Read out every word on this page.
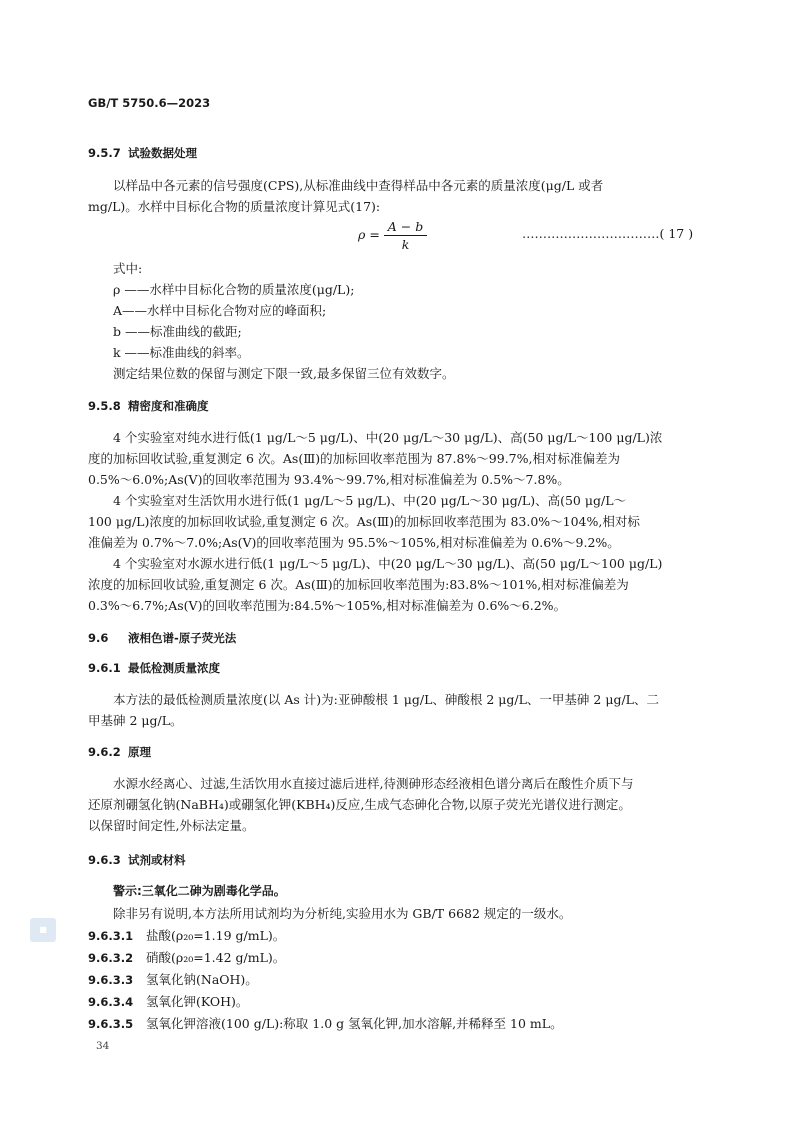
GB/T 5750.6—2023
9.5.7 试验数据处理
以样品中各元素的信号强度(CPS),从标准曲线中查得样品中各元素的质量浓度(μg/L 或者
mg/L)。水样中目标化合物的质量浓度计算见式(17):
$\rho = \frac{A - b}{k}$	……………………………( 17 )
式中:
ρ ——水样中目标化合物的质量浓度(μg/L);
A——水样中目标化合物对应的峰面积;
b ——标准曲线的截距;
k ——标准曲线的斜率。
测定结果位数的保留与测定下限一致,最多保留三位有效数字。
9.5.8 精密度和准确度
4 个实验室对纯水进行低(1 μg/L～5 μg/L)、中(20 μg/L～30 μg/L)、高(50 μg/L～100 μg/L)浓
度的加标回收试验,重复测定 6 次。As(Ⅲ)的加标回收率范围为 87.8%～99.7%,相对标准偏差为
0.5%～6.0%;As(Ⅴ)的回收率范围为 93.4%～99.7%,相对标准偏差为 0.5%～7.8%。
4 个实验室对生活饮用水进行低(1 μg/L～5 μg/L)、中(20 μg/L～30 μg/L)、高(50 μg/L～
100 μg/L)浓度的加标回收试验,重复测定 6 次。As(Ⅲ)的加标回收率范围为 83.0%～104%,相对标
准偏差为 0.7%～7.0%;As(Ⅴ)的回收率范围为 95.5%～105%,相对标准偏差为 0.6%～9.2%。
4 个实验室对水源水进行低(1 μg/L～5 μg/L)、中(20 μg/L～30 μg/L)、高(50 μg/L～100 μg/L)
浓度的加标回收试验,重复测定 6 次。As(Ⅲ)的加标回收率范围为:83.8%～101%,相对标准偏差为
0.3%～6.7%;As(Ⅴ)的回收率范围为:84.5%～105%,相对标准偏差为 0.6%～6.2%。
9.6 液相色谱-原子荧光法
9.6.1 最低检测质量浓度
本方法的最低检测质量浓度(以 As 计)为:亚砷酸根 1 μg/L、砷酸根 2 μg/L、一甲基砷 2 μg/L、二
甲基砷 2 μg/L。
9.6.2 原理
水源水经离心、过滤,生活饮用水直接过滤后进样,待测砷形态经液相色谱分离后在酸性介质下与
还原剂硼氢化钠(NaBH₄)或硼氢化钾(KBH₄)反应,生成气态砷化合物,以原子荧光光谱仪进行测定。
以保留时间定性,外标法定量。
9.6.3 试剂或材料
警示:三氧化二砷为剧毒化学品。
除非另有说明,本方法所用试剂均为分析纯,实验用水为 GB/T 6682 规定的一级水。
9.6.3.1 盐酸(ρ₂₀=1.19 g/mL)。
9.6.3.2 硝酸(ρ₂₀=1.42 g/mL)。
9.6.3.3 氢氧化钠(NaOH)。
9.6.3.4 氢氧化钾(KOH)。
9.6.3.5 氢氧化钾溶液(100 g/L):称取 1.0 g 氢氧化钾,加水溶解,并稀释至 10 mL。
■
34
